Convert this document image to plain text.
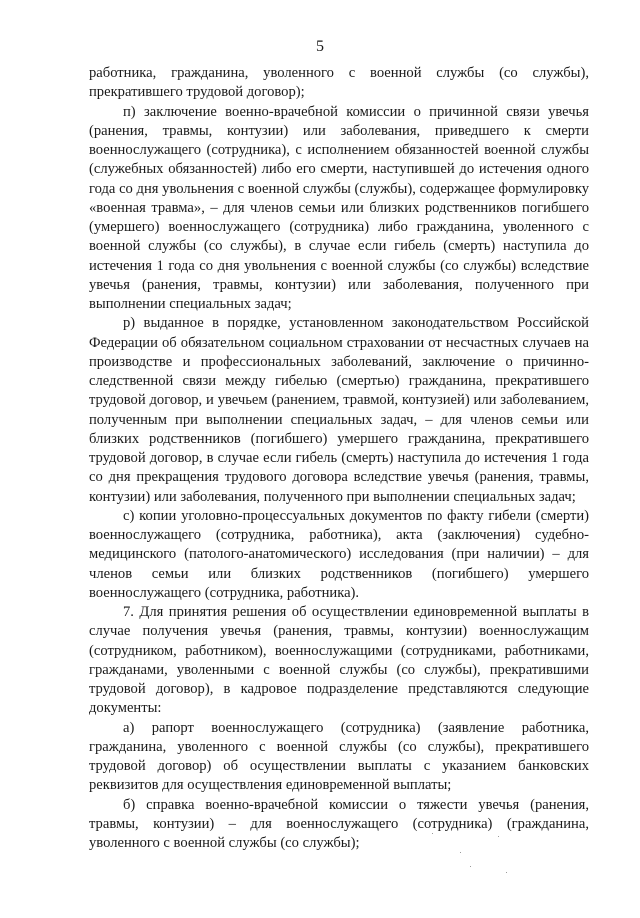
5

работника, гражданина, уволенного с военной службы (со службы), прекратившего трудовой договор);

п) заключение военно-врачебной комиссии о причинной связи увечья (ранения, травмы, контузии) или заболевания, приведшего к смерти военнослужащего (сотрудника), с исполнением обязанностей военной службы (служебных обязанностей) либо его смерти, наступившей до истечения одного года со дня увольнения с военной службы (службы), содержащее формулировку «военная травма», – для членов семьи или близких родственников погибшего (умершего) военнослужащего (сотрудника) либо гражданина, уволенного с военной службы (со службы), в случае если гибель (смерть) наступила до истечения 1 года со дня увольнения с военной службы (со службы) вследствие увечья (ранения, травмы, контузии) или заболевания, полученного при выполнении специальных задач;

р) выданное в порядке, установленном законодательством Российской Федерации об обязательном социальном страховании от несчастных случаев на производстве и профессиональных заболеваний, заключение о причинно-следственной связи между гибелью (смертью) гражданина, прекратившего трудовой договор, и увечьем (ранением, травмой, контузией) или заболеванием, полученным при выполнении специальных задач, – для членов семьи или близких родственников (погибшего) умершего гражданина, прекратившего трудовой договор, в случае если гибель (смерть) наступила до истечения 1 года со дня прекращения трудового договора вследствие увечья (ранения, травмы, контузии) или заболевания, полученного при выполнении специальных задач;

с) копии уголовно-процессуальных документов по факту гибели (смерти) военнослужащего (сотрудника, работника), акта (заключения) судебно-медицинского (патолого-анатомического) исследования (при наличии) – для членов семьи или близких родственников (погибшего) умершего военнослужащего (сотрудника, работника).

7. Для принятия решения об осуществлении единовременной выплаты в случае получения увечья (ранения, травмы, контузии) военнослужащим (сотрудником, работником), военнослужащими (сотрудниками, работниками, гражданами, уволенными с военной службы (со службы), прекратившими трудовой договор), в кадровое подразделение представляются следующие документы:

а) рапорт военнослужащего (сотрудника) (заявление работника, гражданина, уволенного с военной службы (со службы), прекратившего трудовой договор) об осуществлении выплаты с указанием банковских реквизитов для осуществления единовременной выплаты;

б) справка военно-врачебной комиссии о тяжести увечья (ранения, травмы, контузии) – для военнослужащего (сотрудника) (гражданина, уволенного с военной службы (со службы);
